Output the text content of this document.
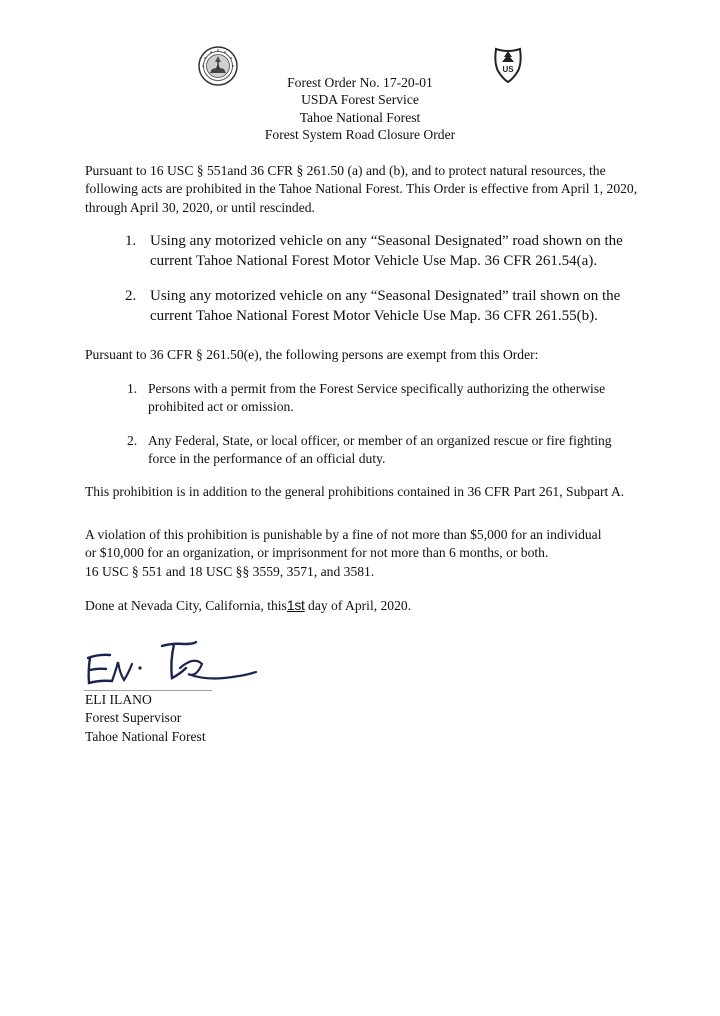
US
Forest Order No. 17-20-01
USDA Forest Service
Tahoe National Forest
Forest System Road Closure Order
Pursuant to 16 USC § 551and 36 CFR § 261.50 (a) and (b), and to protect natural resources, the following acts are prohibited in the Tahoe National Forest. This Order is effective from April 1, 2020, through April 30, 2020, or until rescinded.
1. Using any motorized vehicle on any “Seasonal Designated” road shown on the current Tahoe National Forest Motor Vehicle Use Map. 36 CFR 261.54(a).
2. Using any motorized vehicle on any “Seasonal Designated” trail shown on the current Tahoe National Forest Motor Vehicle Use Map. 36 CFR 261.55(b).
Pursuant to 36 CFR § 261.50(e), the following persons are exempt from this Order:
1. Persons with a permit from the Forest Service specifically authorizing the otherwise prohibited act or omission.
2. Any Federal, State, or local officer, or member of an organized rescue or fire fighting force in the performance of an official duty.
This prohibition is in addition to the general prohibitions contained in 36 CFR Part 261, Subpart A.
A violation of this prohibition is punishable by a fine of not more than $5,000 for an individual
or $10,000 for an organization, or imprisonment for not more than 6 months, or both.
16 USC § 551 and 18 USC §§ 3559, 3571, and 3581.
Done at Nevada City, California, this1st day of April, 2020.
ELI ILANO
Forest Supervisor
Tahoe National Forest
